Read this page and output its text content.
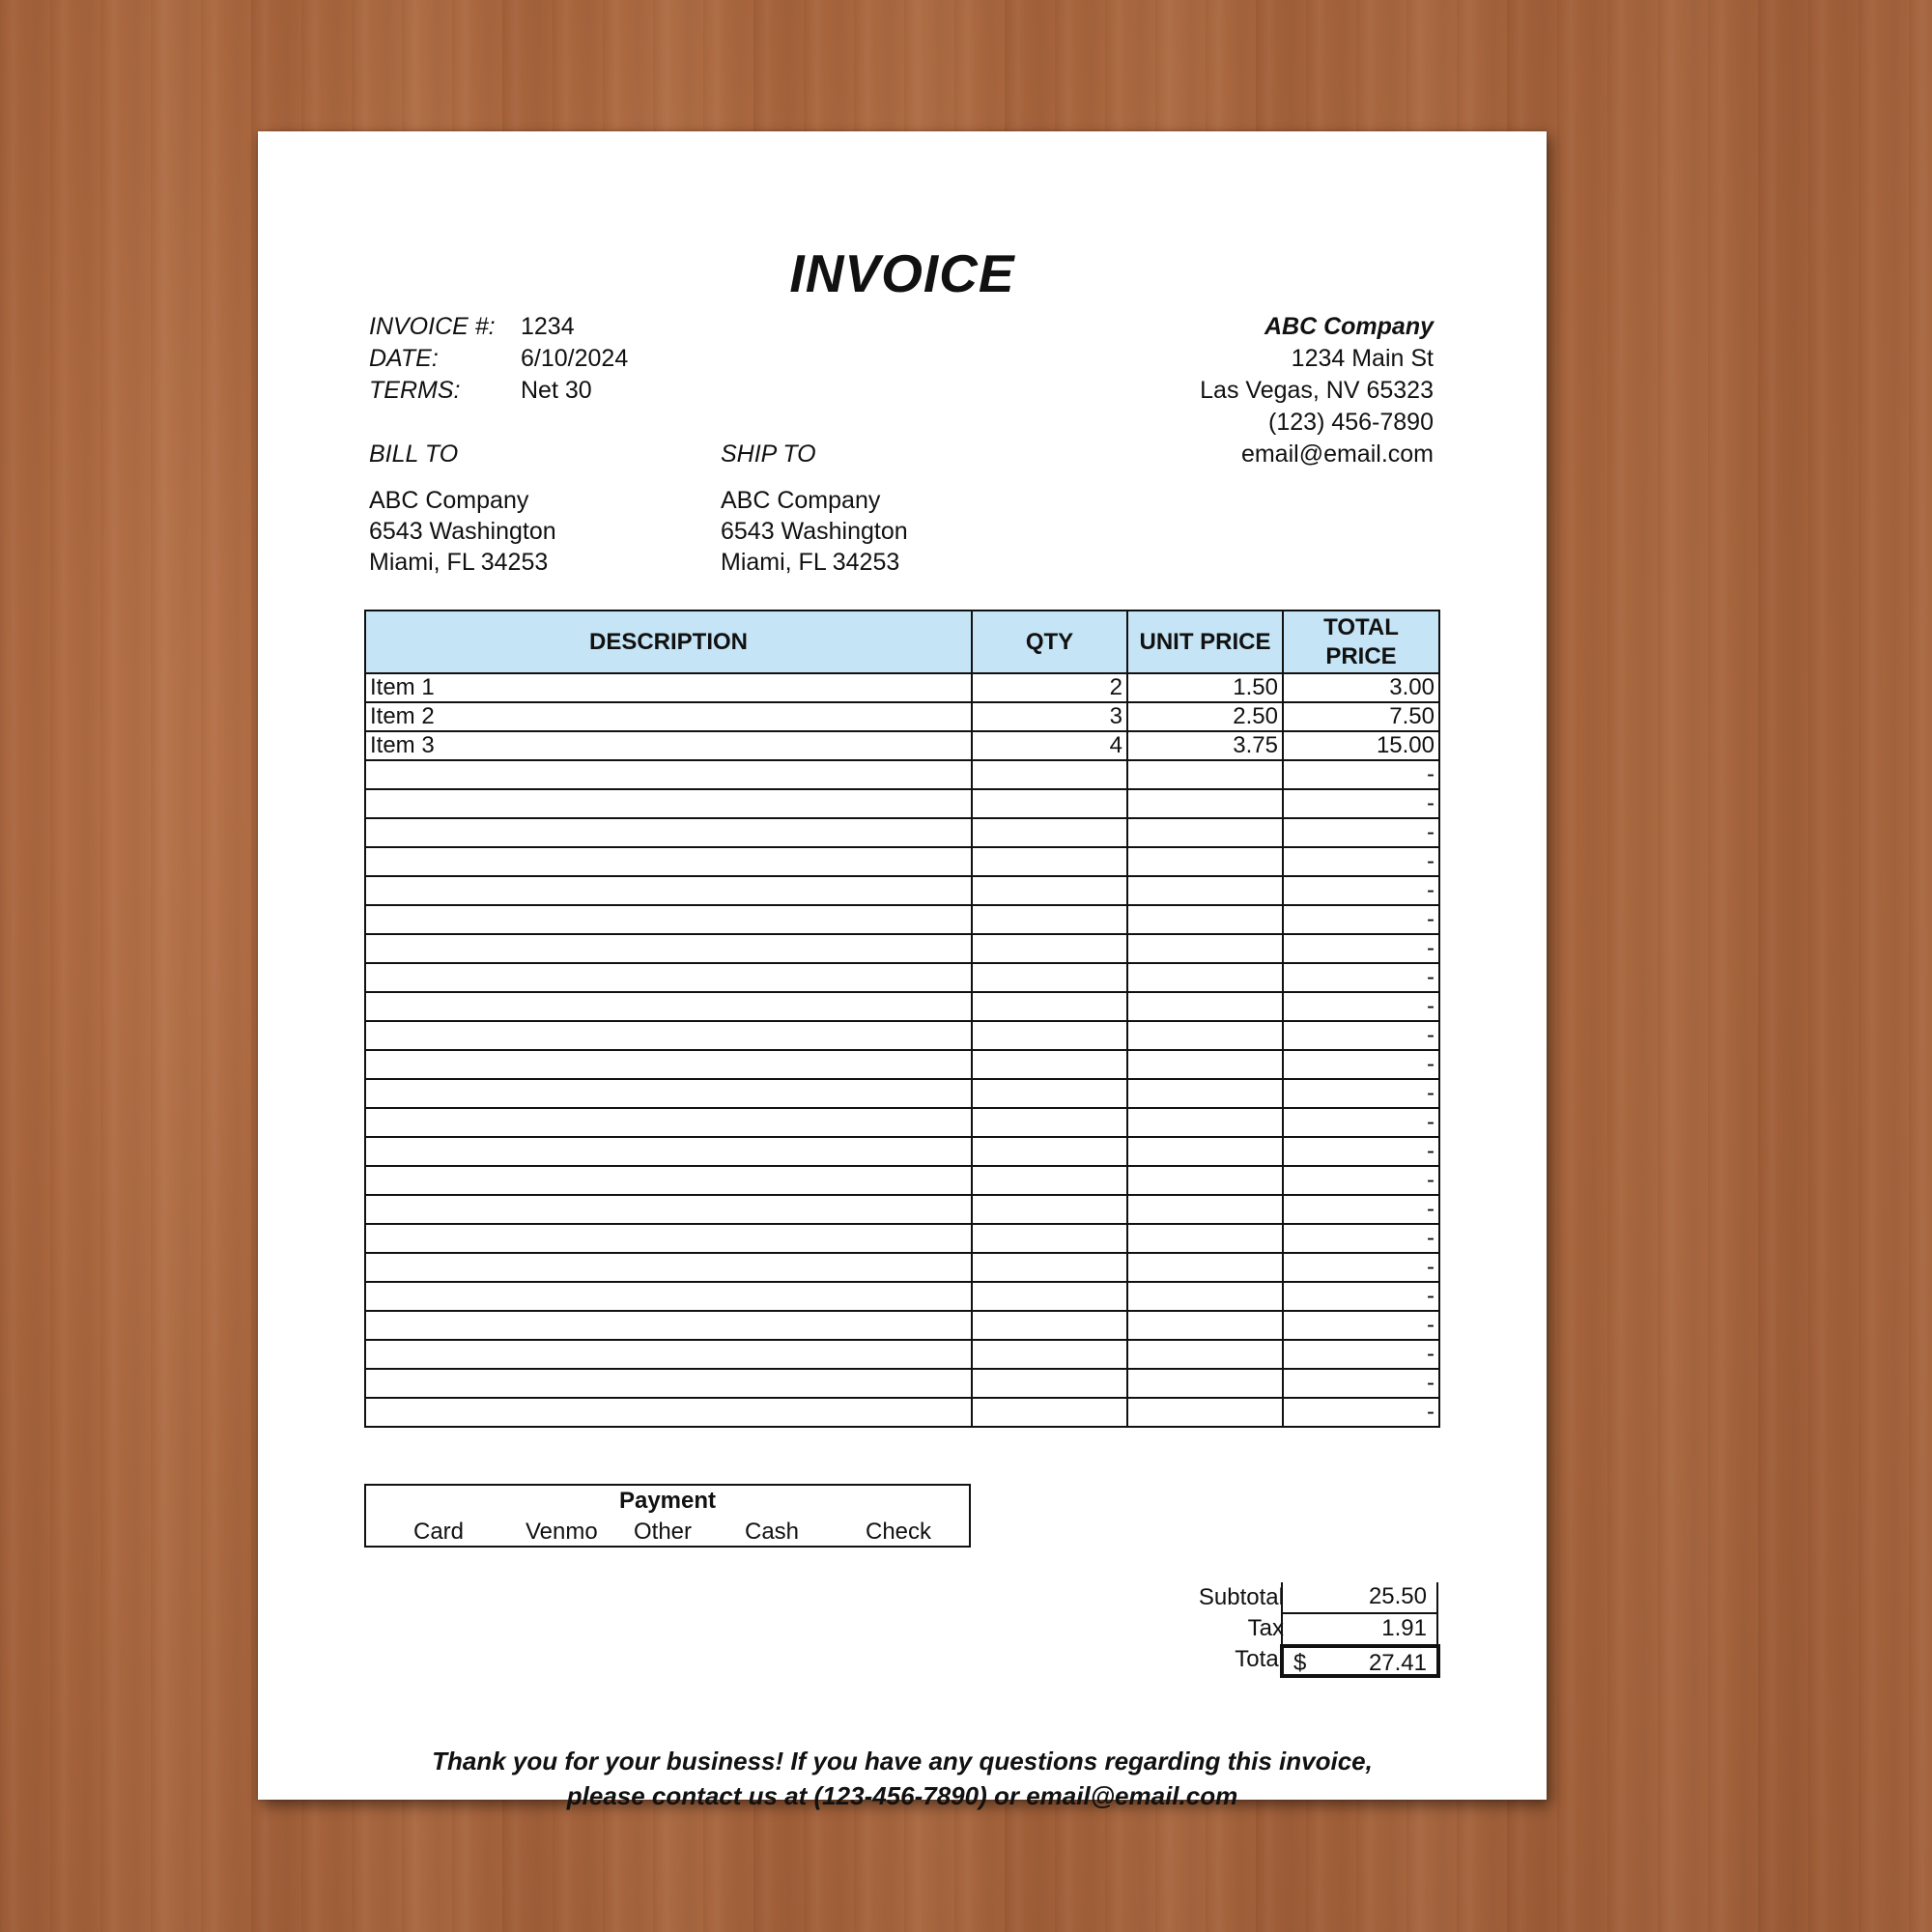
INVOICE
INVOICE #: 1234
DATE:	6/10/2024
TERMS:	Net 30
ABC Company
1234 Main St
Las Vegas, NV 65323
(123) 456-7890
email@email.com
BILL TO
ABC Company
6543 Washington
Miami, FL 34253
SHIP TO
ABC Company
6543 Washington
Miami, FL 34253
DESCRIPTION	QTY	UNIT PRICE	TOTAL PRICE
Item 1	2	1.50	3.00
Item 2	3	2.50	7.50
Item 3	4	3.75	15.00
			-
			-
			-
			-
			-
			-
			-
			-
			-
			-
			-
			-
			-
			-
			-
			-
			-
			-
			-
			-
			-
			-
			-
Subtotal	25.50
Tax	1.91
Total $	27.41
Payment
Card	Venmo Other Cash	Check
Thank you for your business! If you have any questions regarding this invoice,
please contact us at (123-456-7890) or email@email.com
